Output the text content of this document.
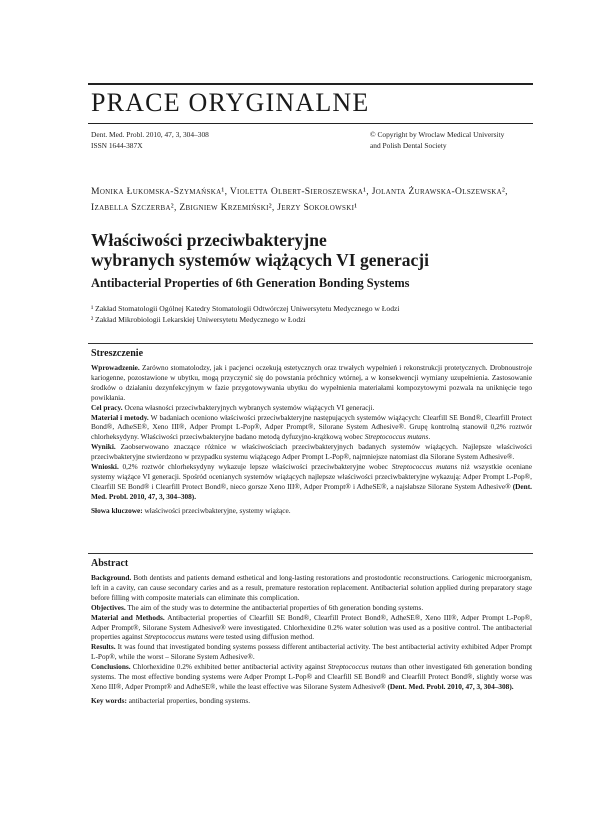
PRACE ORYGINALNE
Dent. Med. Probl. 2010, 47, 3, 304–308
ISSN 1644-387X
© Copyright by Wroclaw Medical University
and Polish Dental Society

Monika Łukomska-Szymańska¹, Violetta Olbert-Sieroszewska¹, Jolanta Żurawska-Olszewska², Izabella Szczerba², Zbigniew Krzemiński², Jerzy Sokołowski¹

Właściwości przeciwbakteryjne
wybranych systemów wiążących VI generacji
Antibacterial Properties of 6th Generation Bonding Systems

¹ Zakład Stomatologii Ogólnej Katedry Stomatologii Odtwórczej Uniwersytetu Medycznego w Łodzi

² Zakład Mikrobiologii Lekarskiej Uniwersytetu Medycznego w Łodzi

Streszczenie

Wprowadzenie. Zarówno stomatolodzy, jak i pacjenci oczekują estetycznych oraz trwałych wypełnień i rekonstrukcji protetycznych. Drobnoustroje kariogenne, pozostawione w ubytku, mogą przyczynić się do powstania próchnicy wtórnej, a w konsekwencji wymiany uzupełnienia. Zastosowanie środków o działaniu dezynfekcyjnym w fazie przygotowywania ubytku do wypełnienia materiałami kompozytowymi pozwala na uniknięcie tego powikłania.

Cel pracy. Ocena własności przeciwbakteryjnych wybranych systemów wiążących VI generacji.

Materiał i metody. W badaniach oceniono właściwości przeciwbakteryjne następujących systemów wiążących: Clearfill SE Bond®, Clearfill Protect Bond®, AdheSE®, Xeno III®, Adper Prompt L-Pop®, Adper Prompt®, Silorane System Adhesive®. Grupę kontrolną stanowił 0,2% roztwór chlorheksydyny. Właściwości przeciwbakteryjne badano metodą dyfuzyjno-krążkową wobec Streptococcus mutans.

Wyniki. Zaobserwowano znaczące różnice w właściwościach przeciwbakteryjnych badanych systemów wiążących. Najlepsze właściwości przeciwbakteryjne stwierdzono w przypadku systemu wiążącego Adper Prompt L-Pop®, najmniejsze natomiast dla Silorane System Adhesive®.

Wnioski. 0,2% roztwór chlorheksydyny wykazuje lepsze właściwości przeciwbakteryjne wobec Streptococcus mutans niż wszystkie oceniane systemy wiążące VI generacji. Spośród ocenianych systemów wiążących najlepsze właściwości przeciwbakteryjne wykazują: Adper Prompt L-Pop®, Clearfill SE Bond® i Clearfill Protect Bond®, nieco gorsze Xeno III®, Adper Prompt® i AdheSE®, a najsłabsze Silorane System Adhesive® (Dent. Med. Probl. 2010, 47, 3, 304–308).

Słowa kluczowe: właściwości przeciwbakteryjne, systemy wiążące.

Abstract

Background. Both dentists and patients demand esthetical and long-lasting restorations and prostodontic reconstructions. Cariogenic microorganism, left in a cavity, can cause secondary caries and as a result, premature restoration replacement. Antibacterial solution applied during preparatory stage before filling with composite materials can eliminate this complication.

Objectives. The aim of the study was to determine the antibacterial properties of 6th generation bonding systems.

Material and Methods. Antibacterial properties of Clearfill SE Bond®, Clearfill Protect Bond®, AdheSE®, Xeno III®, Adper Prompt L-Pop®, Adper Prompt®, Silorane System Adhesive® were investigated. Chlorhexidine 0.2% water solution was used as a positive control. The antibacterial properties against Streptococcus mutans were tested using diffusion method.

Results. It was found that investigated bonding systems possess different antibacterial activity. The best antibacterial activity exhibited Adper Prompt L-Pop®, while the worst – Silorane System Adhesive®.

Conclusions. Chlorhexidine 0.2% exhibited better antibacterial activity against Streptococcus mutans than other investigated 6th generation bonding systems. The most effective bonding systems were Adper Prompt L-Pop® and Clearfill SE Bond® and Clearfill Protect Bond®, slightly worse was Xeno III®, Adper Prompt® and AdheSE®, while the least effective was Silorane System Adhesive® (Dent. Med. Probl. 2010, 47, 3, 304–308).

Key words: antibacterial properties, bonding systems.
